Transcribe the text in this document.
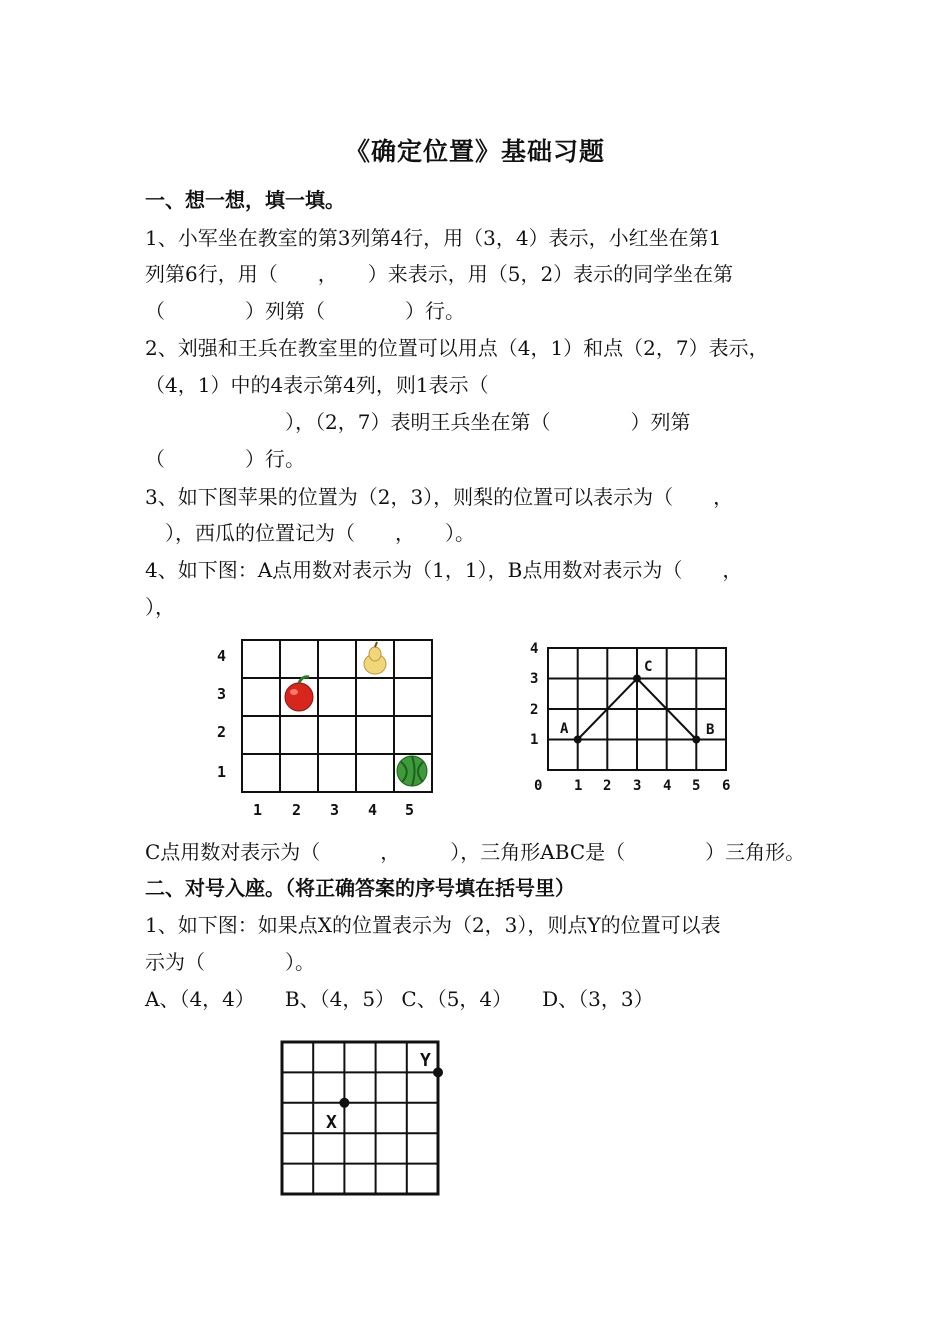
《确定位置》基础习题
一、想一想，填一填。
1、小军坐在教室的第3列第4行，用（3，4）表示，小红坐在第1
列第6行，用（　　，　　）来表示，用（5，2）表示的同学坐在第
（　　　　）列第（　　　　）行。
2、刘强和王兵在教室里的位置可以用点（4，1）和点（2，7）表示，
（4，1）中的4表示第4列，则1表示（
　　　　　　　），（2，7）表明王兵坐在第（　　　　）列第
（　　　　）行。
3、如下图苹果的位置为（2，3），则梨的位置可以表示为（　　，
　），西瓜的位置记为（　　，　　）。
4、如下图：A点用数对表示为（1，1），B点用数对表示为（　　，
），
4
3
2
1
1 2 3 4 5
4
3
2
1
0 1 2 3 4 5 6
A	B
C
C点用数对表示为（　　　，　　　），三角形ABC是（　　　　）三角形。
二、对号入座。（将正确答案的序号填在括号里）
1、如下图：如果点X的位置表示为（2，3），则点Y的位置可以表
示为（　　　　）。
A、（4，4）　　B、（4，5） C、（5，4）　　D、（3，3）
X
Y
